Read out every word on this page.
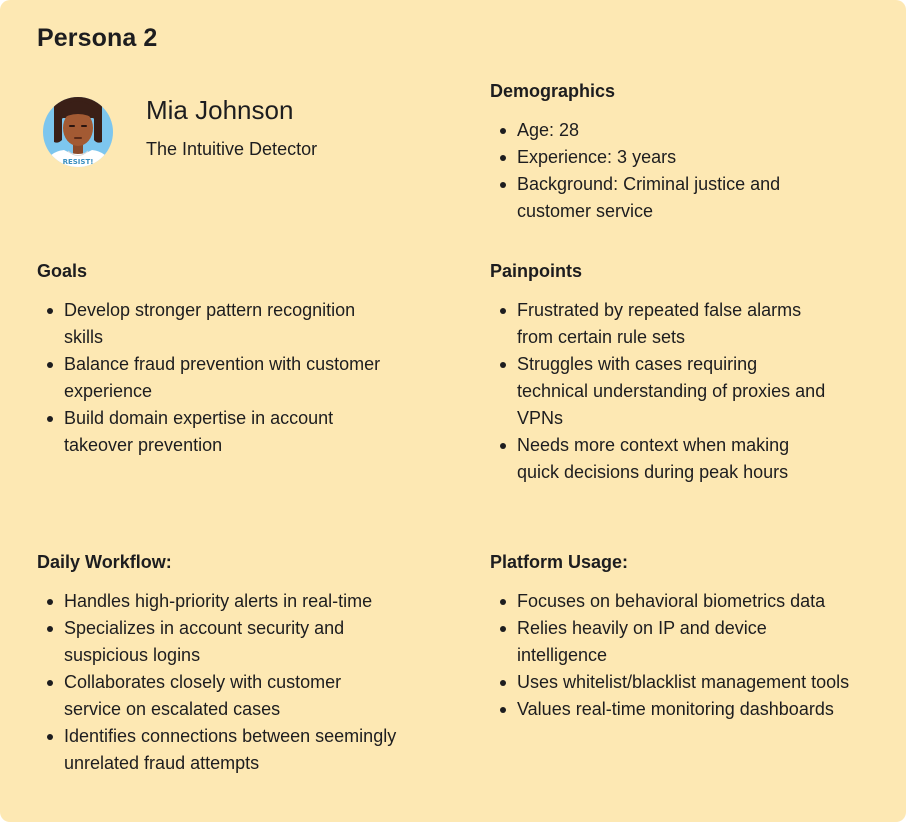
Persona 2
RESIST!
Mia Johnson
The Intuitive Detector
Demographics
Age: 28
Experience: 3 years
Background: Criminal justice and customer service
Goals
Develop stronger pattern recognition skills
Balance fraud prevention with customer experience
Build domain expertise in account takeover prevention
Painpoints
Frustrated by repeated false alarms from certain rule sets
Struggles with cases requiring technical understanding of proxies and VPNs
Needs more context when making quick decisions during peak hours
Daily Workflow:
Handles high-priority alerts in real-time
Specializes in account security and suspicious logins
Collaborates closely with customer service on escalated cases
Identifies connections between seemingly unrelated fraud attempts
Platform Usage:
Focuses on behavioral biometrics data
Relies heavily on IP and device intelligence
Uses whitelist/blacklist management tools
Values real-time monitoring dashboards
